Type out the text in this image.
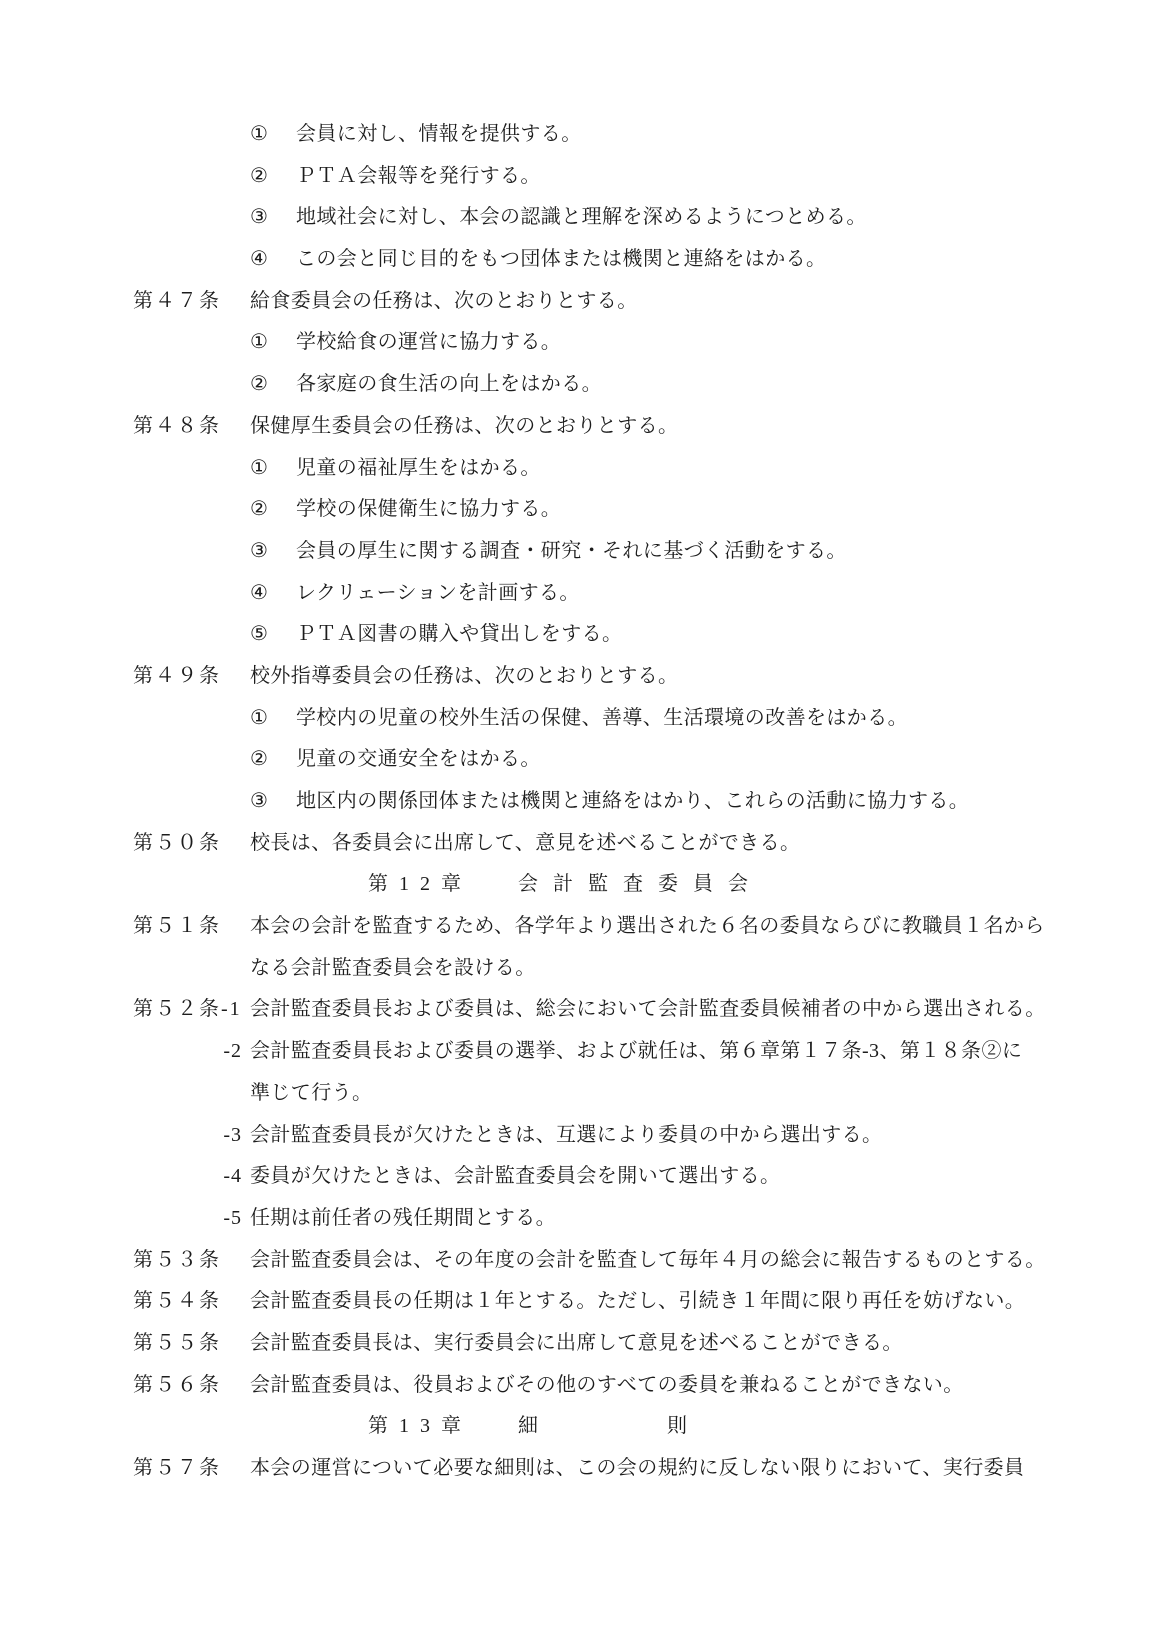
①	会員に対し、情報を提供する。
②	ＰＴＡ会報等を発行する。
③	地域社会に対し、本会の認識と理解を深めるようにつとめる。
④	この会と同じ目的をもつ団体または機関と連絡をはかる。
第４７条	給食委員会の任務は、次のとおりとする。
①	学校給食の運営に協力する。
②	各家庭の食生活の向上をはかる。
第４８条	保健厚生委員会の任務は、次のとおりとする。
①	児童の福祉厚生をはかる。
②	学校の保健衛生に協力する。
③	会員の厚生に関する調査・研究・それに基づく活動をする。
④	レクリェーションを計画する。
⑤	ＰＴＡ図書の購入や貸出しをする。
第４９条	校外指導委員会の任務は、次のとおりとする。
①	学校内の児童の校外生活の保健、善導、生活環境の改善をはかる。
②	児童の交通安全をはかる。
③	地区内の関係団体または機関と連絡をはかり、これらの活動に協力する。
第５０条	校長は、各委員会に出席して、意見を述べることができる。
第 1 2 章	会計監査委員会
第５１条	本会の会計を監査するため、各学年より選出された６名の委員ならびに教職員１名から
なる会計監査委員会を設ける。
第５２条-1 会計監査委員長および委員は、総会において会計監査委員候補者の中から選出される。
-2 会計監査委員長および委員の選挙、および就任は、第６章第１７条-3、第１８条②に
準じて行う。
-3 会計監査委員長が欠けたときは、互選により委員の中から選出する。
-4 委員が欠けたときは、会計監査委員会を開いて選出する。
-5 任期は前任者の残任期間とする。
第５３条	会計監査委員会は、その年度の会計を監査して毎年４月の総会に報告するものとする。
第５４条	会計監査委員長の任期は１年とする。ただし、引続き１年間に限り再任を妨げない。
第５５条	会計監査委員長は、実行委員会に出席して意見を述べることができる。
第５６条	会計監査委員は、役員およびその他のすべての委員を兼ねることができない。
第 1 3 章	細	則
第５７条	本会の運営について必要な細則は、この会の規約に反しない限りにおいて、実行委員
